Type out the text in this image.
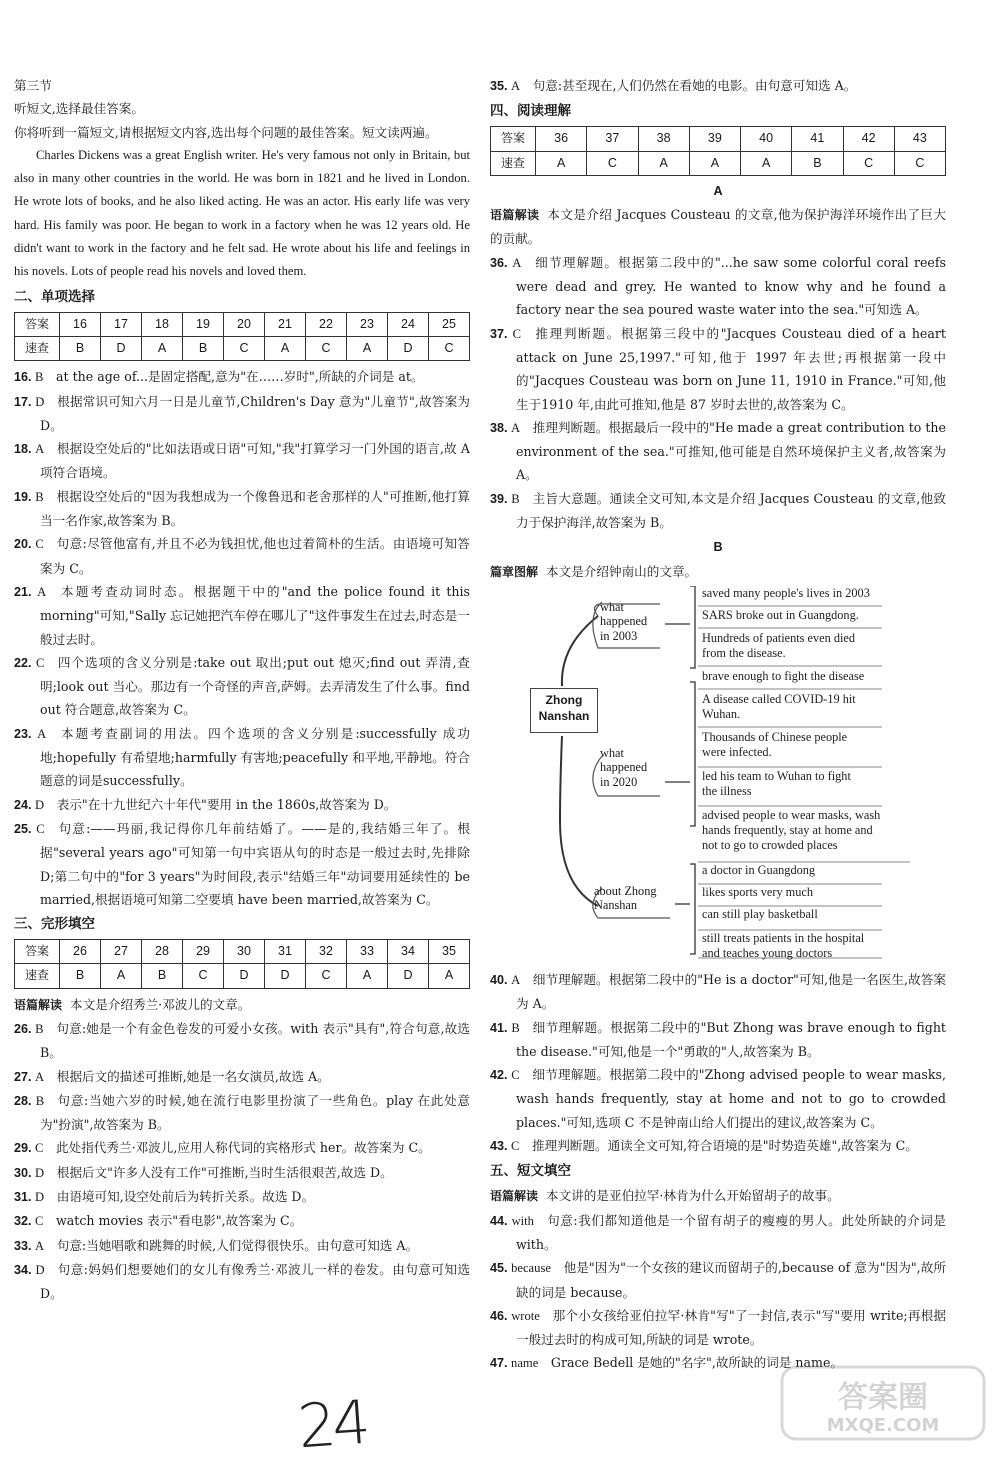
第三节

听短文,选择最佳答案。

你将听到一篇短文,请根据短文内容,选出每个问题的最佳答案。短文读两遍。

Charles Dickens was a great English writer. He's very famous not only in Britain, but also in many other countries in the world. He was born in 1821 and he lived in London. He wrote lots of books, and he also liked acting. He was an actor. His early life was very hard. His family was poor. He began to work in a factory when he was 12 years old. He didn't want to work in the factory and he felt sad. He wrote about his life and feelings in his novels. Lots of people read his novels and loved them.

二、单项选择
答案	16	17	18	19	20	21	22	23	24	25
速查	B	D	A	B	C	A	C	A	D	C

16. B at the age of...是固定搭配,意为"在……岁时",所缺的介词是 at。

17. D 根据常识可知六月一日是儿童节,Children's Day 意为"儿童节",故答案为 D。

18. A 根据设空处后的"比如法语或日语"可知,"我"打算学习一门外国的语言,故 A 项符合语境。

19. B 根据设空处后的"因为我想成为一个像鲁迅和老舍那样的人"可推断,他打算当一名作家,故答案为 B。

20. C 句意:尽管他富有,并且不必为钱担忧,他也过着简朴的生活。由语境可知答案为 C。

21. A 本题考查动词时态。根据题干中的"and the police found it this morning"可知,"Sally 忘记她把汽车停在哪儿了"这件事发生在过去,时态是一般过去时。

22. C 四个选项的含义分别是:take out 取出;put out 熄灭;find out 弄清,查明;look out 当心。那边有一个奇怪的声音,萨姆。去弄清发生了什么事。find out 符合题意,故答案为 C。

23. A 本题考查副词的用法。四个选项的含义分别是:successfully 成功地;hopefully 有希望地;harmfully 有害地;peacefully 和平地,平静地。符合题意的词是successfully。

24. D 表示"在十九世纪六十年代"要用 in the 1860s,故答案为 D。

25. C 句意:——玛丽,我记得你几年前结婚了。——是的,我结婚三年了。根据"several years ago"可知第一句中宾语从句的时态是一般过去时,先排除 D;第二句中的"for 3 years"为时间段,表示"结婚三年"动词要用延续性的 be married,根据语境可知第二空要填 have been married,故答案为 C。

三、完形填空
答案	26	27	28	29	30	31	32	33	34	35
速查	B	A	B	C	D	D	C	A	D	A

语篇解读 本文是介绍秀兰·邓波儿的文章。

26. B 句意:她是一个有金色卷发的可爱小女孩。with 表示"具有",符合句意,故选 B。

27. A 根据后文的描述可推断,她是一名女演员,故选 A。

28. B 句意:当她六岁的时候,她在流行电影里扮演了一些角色。play 在此处意为"扮演",故答案为 B。

29. C 此处指代秀兰·邓波儿,应用人称代词的宾格形式 her。故答案为 C。

30. D 根据后文"许多人没有工作"可推断,当时生活很艰苦,故选 D。

31. D 由语境可知,设空处前后为转折关系。故选 D。

32. C watch movies 表示"看电影",故答案为 C。

33. A 句意:当她唱歌和跳舞的时候,人们觉得很快乐。由句意可知选 A。

34. D 句意:妈妈们想要她们的女儿有像秀兰·邓波儿一样的卷发。由句意可知选 D。

35. A 句意:甚至现在,人们仍然在看她的电影。由句意可知选 A。

四、阅读理解
答案	36	37	38	39	40	41	42	43
速查	A	C	A	A	A	B	C	C

A

语篇解读 本文是介绍 Jacques Cousteau 的文章,他为保护海洋环境作出了巨大的贡献。

36. A 细节理解题。根据第二段中的"...he saw some colorful coral reefs were dead and grey. He wanted to know why and he found a factory near the sea poured waste water into the sea."可知选 A。

37. C 推理判断题。根据第三段中的"Jacques Cousteau died of a heart attack on June 25,1997."可知,他于 1997 年去世;再根据第一段中的"Jacques Cousteau was born on June 11, 1910 in France."可知,他生于1910 年,由此可推知,他是 87 岁时去世的,故答案为 C。

38. A 推理判断题。根据最后一段中的"He made a great contribution to the environment of the sea."可推知,他可能是自然环境保护主义者,故答案为 A。

39. B 主旨大意题。通读全文可知,本文是介绍 Jacques Cousteau 的文章,他致力于保护海洋,故答案为 B。

B

篇章图解 本文是介绍钟南山的文章。

Zhong
Nanshan
what
happened
in 2003
what
happened
in 2020
about Zhong
Nanshan
saved many people's lives in 2003
SARS broke out in Guangdong.
Hundreds of patients even died
from the disease.
brave enough to fight the disease
A disease called COVID-19 hit
Wuhan.
Thousands of Chinese people
were infected.
led his team to Wuhan to fight
the illness
advised people to wear masks, wash
hands frequently, stay at home and
not to go to crowded places
a doctor in Guangdong
likes sports very much
can still play basketball
still treats patients in the hospital
and teaches young doctors

40. A 细节理解题。根据第二段中的"He is a doctor"可知,他是一名医生,故答案为 A。

41. B 细节理解题。根据第二段中的"But Zhong was brave enough to fight the disease."可知,他是一个"勇敢的"人,故答案为 B。

42. C 细节理解题。根据第二段中的"Zhong advised people to wear masks, wash hands frequently, stay at home and not to go to crowded places."可知,选项 C 不是钟南山给人们提出的建议,故答案为 C。

43. C 推理判断题。通读全文可知,符合语境的是"时势造英雄",故答案为 C。

五、短文填空

语篇解读 本文讲的是亚伯拉罕·林肯为什么开始留胡子的故事。

44. with 句意:我们都知道他是一个留有胡子的瘦瘦的男人。此处所缺的介词是 with。

45. because 他是"因为"一个女孩的建议而留胡子的,because of 意为"因为",故所缺的词是 because。

46. wrote 那个小女孩给亚伯拉罕·林肯"写"了一封信,表示"写"要用 write;再根据一般过去时的构成可知,所缺的词是 wrote。

47. name Grace Bedell 是她的"名字",故所缺的词是 name。

24	答案圈
MXQE.COM
